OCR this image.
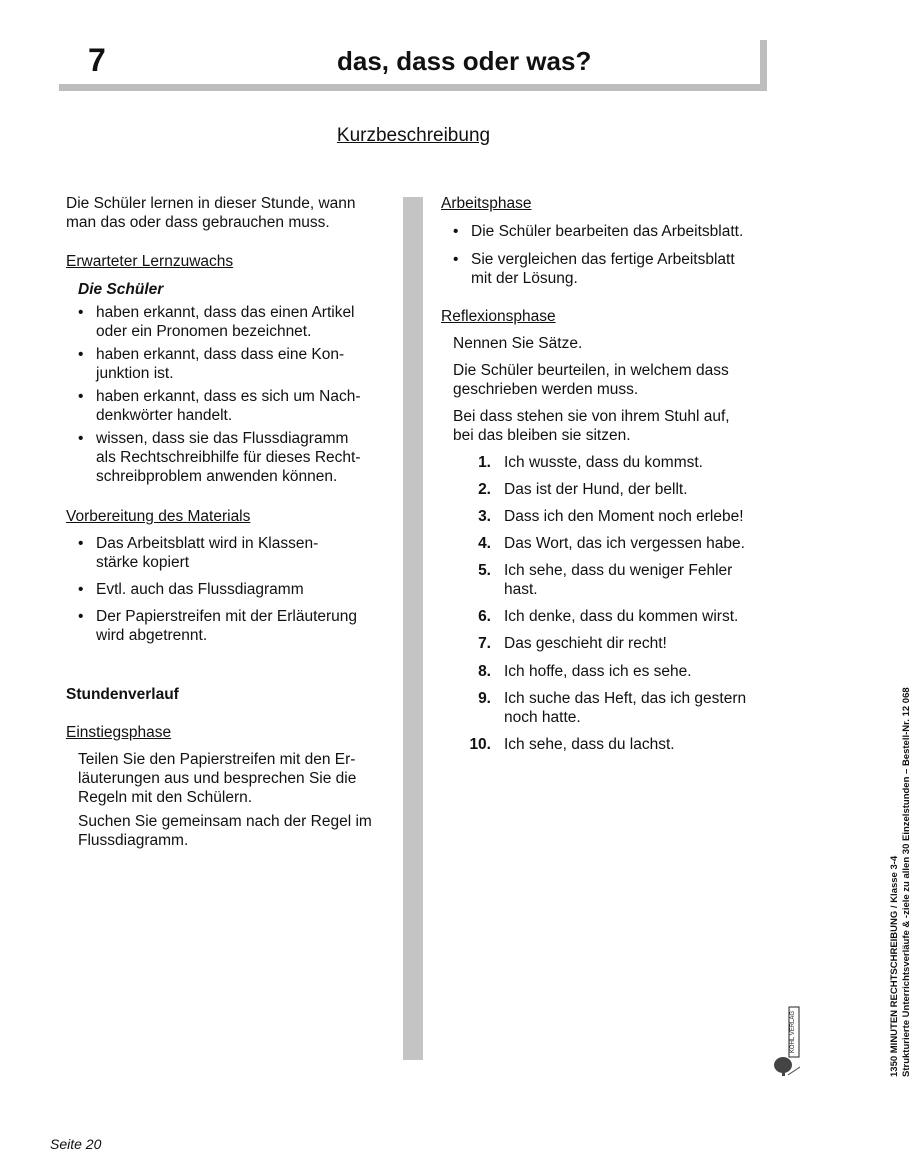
7	das, dass oder was?
Kurzbeschreibung
Die Schüler lernen in dieser Stunde, wann
man das oder dass gebrauchen muss.
Erwarteter Lernzuwachs
Die Schüler
• haben erkannt, dass das einen Artikel
oder ein Pronomen bezeichnet.
• haben erkannt, dass dass eine Kon-
junktion ist.
• haben erkannt, dass es sich um Nach-
denkwörter handelt.
• wissen, dass sie das Flussdiagramm
als Rechtschreibhilfe für dieses Recht-
schreibproblem anwenden können.
Vorbereitung des Materials
• Das Arbeitsblatt wird in Klassen-
stärke kopiert
• Evtl. auch das Flussdiagramm
• Der Papierstreifen mit der Erläuterung
wird abgetrennt.
Stundenverlauf
Einstiegsphase
Teilen Sie den Papierstreifen mit den Er-
läuterungen aus und besprechen Sie die
Regeln mit den Schülern.
Suchen Sie gemeinsam nach der Regel im
Flussdiagramm.
Arbeitsphase
• Die Schüler bearbeiten das Arbeitsblatt.
• Sie vergleichen das fertige Arbeitsblatt
mit der Lösung.
Reflexionsphase
Nennen Sie Sätze.
Die Schüler beurteilen, in welchem dass
geschrieben werden muss.
Bei dass stehen sie von ihrem Stuhl auf,
bei das bleiben sie sitzen.
1. Ich wusste, dass du kommst.
2. Das ist der Hund, der bellt.
3. Dass ich den Moment noch erlebe!
4. Das Wort, das ich vergessen habe.
5. Ich sehe, dass du weniger Fehler
hast.
6. Ich denke, dass du kommen wirst.
7. Das geschieht dir recht!
8. Ich hoffe, dass ich es sehe.
9. Ich suche das Heft, das ich gestern
noch hatte.
10. Ich sehe, dass du lachst.
1350 MINUTEN RECHTSCHREIBUNG / Klasse 3-4 Strukturierte Unterrichtsverläufe & -ziele zu allen 30 Einzelstunden – Bestell-Nr. 12 068
KOHL VERLAG
Seite 20
